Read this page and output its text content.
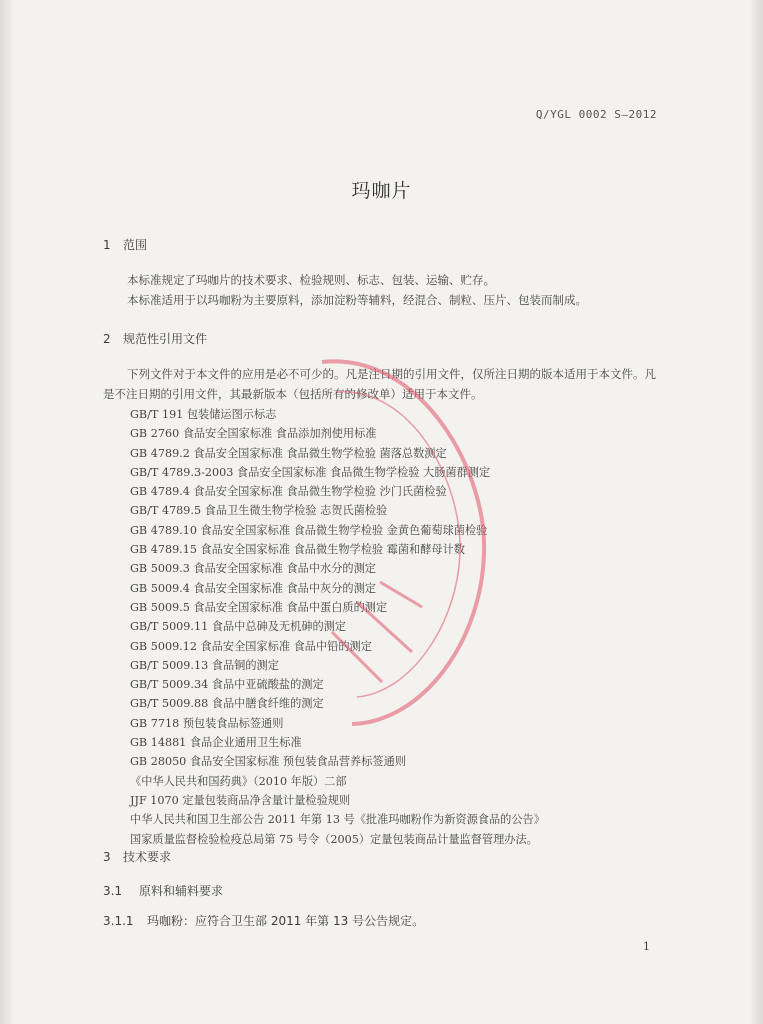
Q/YGL 0002 S—2012
玛咖片
1 范围
本标准规定了玛咖片的技术要求、检验规则、标志、包装、运输、贮存。
本标准适用于以玛咖粉为主要原料，添加淀粉等辅料，经混合、制粒、压片、包装而制成。
2 规范性引用文件
下列文件对于本文件的应用是必不可少的。凡是注日期的引用文件，仅所注日期的版本适用于本文件。凡是不注日期的引用文件，其最新版本（包括所有的修改单）适用于本文件。
GB/T 191 包装储运图示标志
GB 2760 食品安全国家标准 食品添加剂使用标准
GB 4789.2 食品安全国家标准 食品微生物学检验 菌落总数测定
GB/T 4789.3-2003 食品安全国家标准 食品微生物学检验 大肠菌群测定
GB 4789.4 食品安全国家标准 食品微生物学检验 沙门氏菌检验
GB/T 4789.5 食品卫生微生物学检验 志贺氏菌检验
GB 4789.10 食品安全国家标准 食品微生物学检验 金黄色葡萄球菌检验
GB 4789.15 食品安全国家标准 食品微生物学检验 霉菌和酵母计数
GB 5009.3 食品安全国家标准 食品中水分的测定
GB 5009.4 食品安全国家标准 食品中灰分的测定
GB 5009.5 食品安全国家标准 食品中蛋白质的测定
GB/T 5009.11 食品中总砷及无机砷的测定
GB 5009.12 食品安全国家标准 食品中铅的测定
GB/T 5009.13 食品铜的测定
GB/T 5009.34 食品中亚硫酸盐的测定
GB/T 5009.88 食品中膳食纤维的测定
GB 7718 预包装食品标签通则
GB 14881 食品企业通用卫生标准
GB 28050 食品安全国家标准 预包装食品营养标签通则
《中华人民共和国药典》（2010 年版）二部
JJF 1070 定量包装商品净含量计量检验规则
中华人民共和国卫生部公告 2011 年第 13 号《批准玛咖粉作为新资源食品的公告》
国家质量监督检验检疫总局第 75 号令（2005）定量包装商品计量监督管理办法。
3 技术要求
3.1 原料和辅料要求
3.1.1 玛咖粉：应符合卫生部 2011 年第 13 号公告规定。
1
